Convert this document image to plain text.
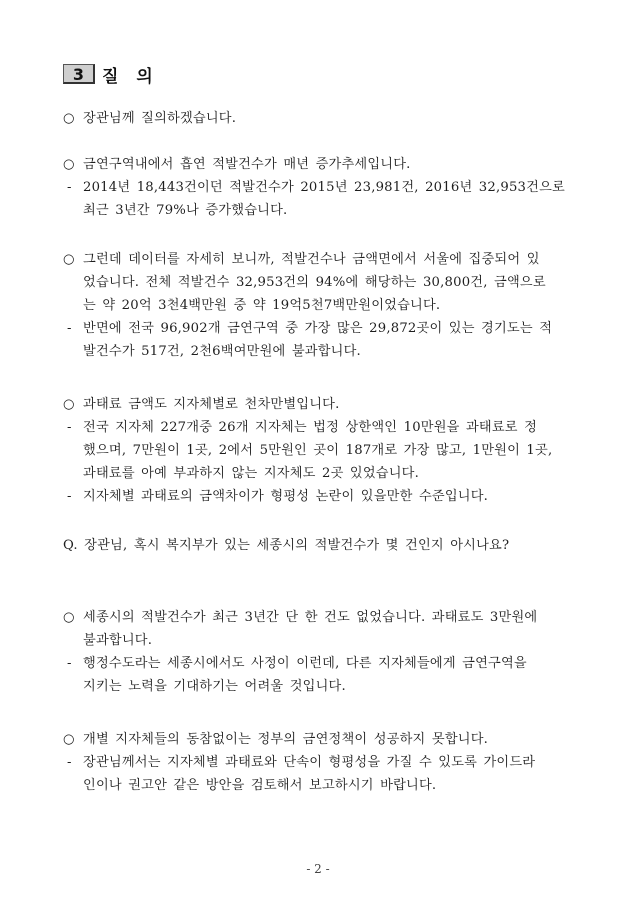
3	질 의
○ 장관님께 질의하겠습니다.
○ 금연구역내에서 흡연 적발건수가 매년 증가추세입니다.
- 2014년 18,443건이던 적발건수가 2015년 23,981건, 2016년 32,953건으로
최근 3년간 79%나 증가했습니다.
○ 그런데 데이터를 자세히 보니까, 적발건수나 금액면에서 서울에 집중되어 있
었습니다. 전체 적발건수 32,953건의 94%에 해당하는 30,800건, 금액으로
는 약 20억 3천4백만원 중 약 19억5천7백만원이었습니다.
- 반면에 전국 96,902개 금연구역 중 가장 많은 29,872곳이 있는 경기도는 적
발건수가 517건, 2천6백여만원에 불과합니다.
○ 과태료 금액도 지자체별로 천차만별입니다.
- 전국 지자체 227개중 26개 지자체는 법정 상한액인 10만원을 과태료로 정
했으며, 7만원이 1곳, 2에서 5만원인 곳이 187개로 가장 많고, 1만원이 1곳,
과태료를 아예 부과하지 않는 지자체도 2곳 있었습니다.
- 지자체별 과태료의 금액차이가 형평성 논란이 있을만한 수준입니다.
Q. 장관님, 혹시 복지부가 있는 세종시의 적발건수가 몇 건인지 아시나요?
○ 세종시의 적발건수가 최근 3년간 단 한 건도 없었습니다. 과태료도 3만원에
불과합니다.
- 행정수도라는 세종시에서도 사정이 이런데, 다른 지자체들에게 금연구역을
지키는 노력을 기대하기는 어려울 것입니다.
○ 개별 지자체들의 동참없이는 정부의 금연정책이 성공하지 못합니다.
- 장관님께서는 지자체별 과태료와 단속이 형평성을 가질 수 있도록 가이드라
인이나 권고안 같은 방안을 검토해서 보고하시기 바랍니다.
- 2 -
